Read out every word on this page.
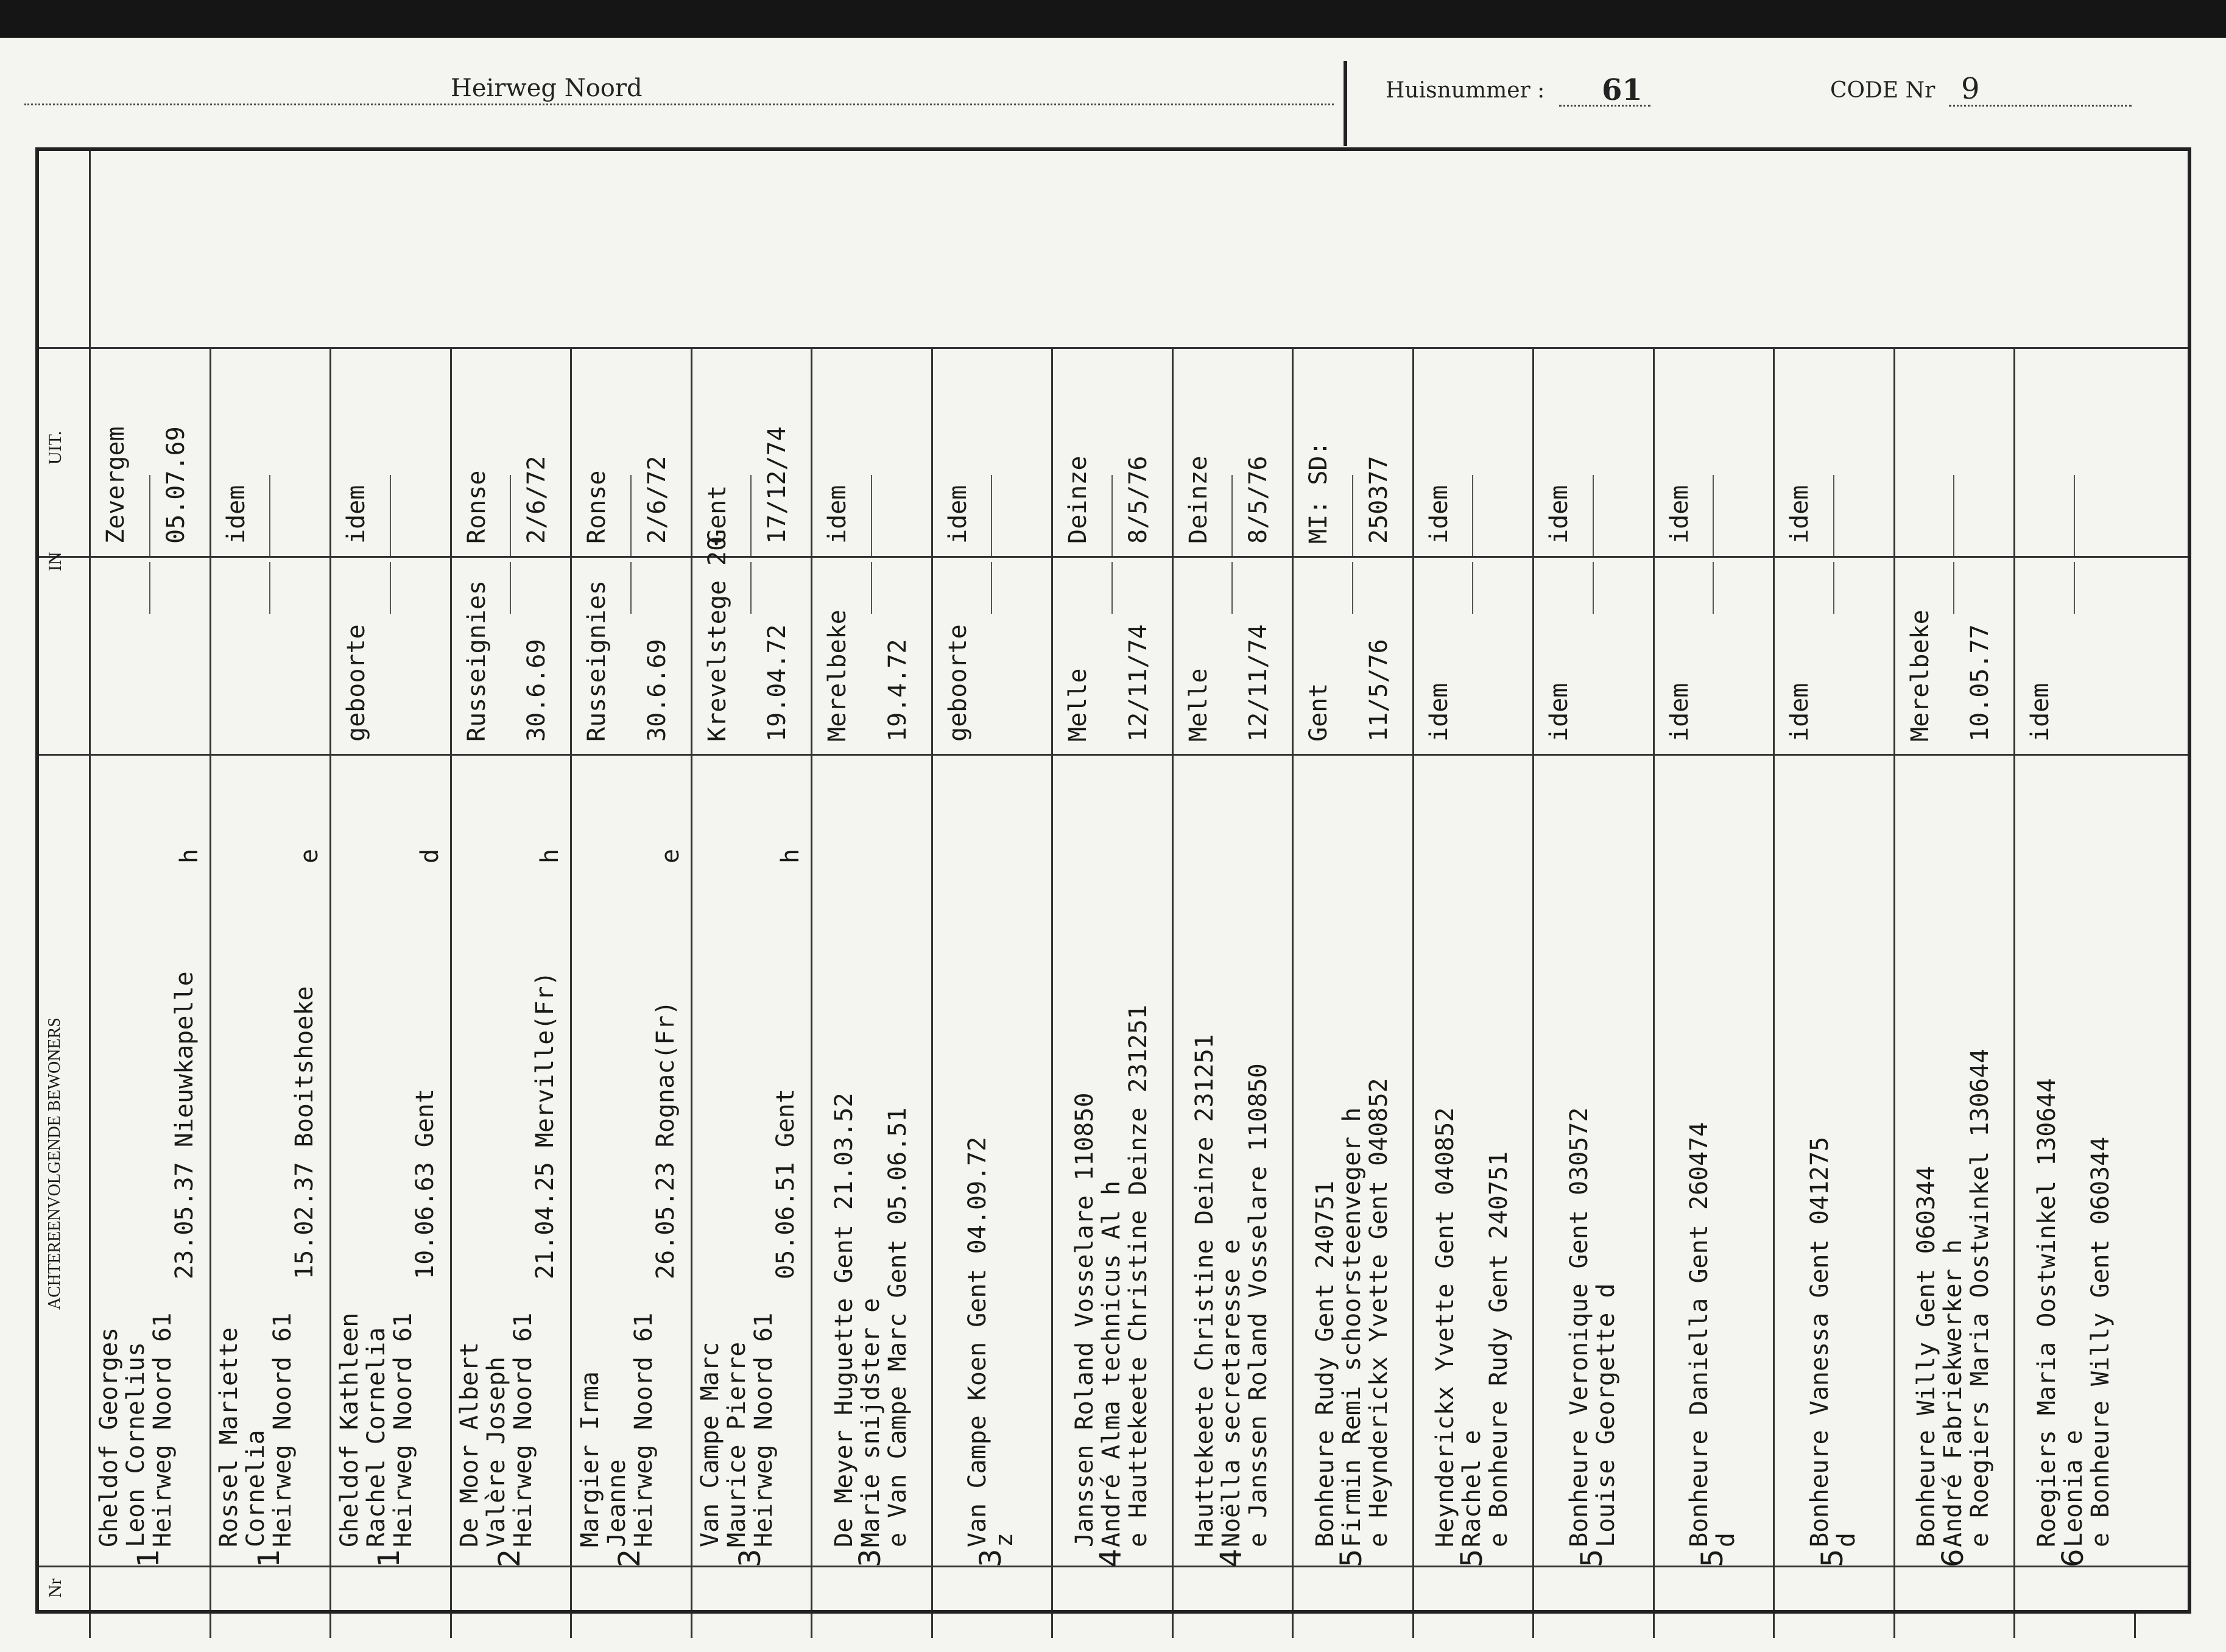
Heirweg Noord	Huisnummer : 61	CODE Nr 9
Nr
ACHTEREENVOLGENDE BEWONERS
IN
UIT.
1
Gheldof Georges
Leon Cornelius
Heirweg Noord 61
23.05.37 Nieuwkapelle
h
Zevergem 05.07.69
1
Rossel Mariette
Cornelia
Heirweg Noord 61
15.02.37 Booitshoeke
e
idem
1
Gheldof Kathleen
Rachel Cornelia
Heirweg Noord 61
10.06.63 Gent
d
geboorte
idem
2
De Moor Albert
Valère Joseph
Heirweg Noord 61
21.04.25 Merville(Fr)
h
Russeignies 30.6.69
Ronse 2/6/72
2
Margier Irma
Jeanne
Heirweg Noord 61
26.05.23 Rognac(Fr)
e
Russeignies 30.6.69
Ronse 2/6/72
3
Van Campe Marc
Maurice Pierre
Heirweg Noord 61
05.06.51 Gent
h
Krevelstege 20 19.04.72
Gent 17/12/74
3
De Meyer Huguette Gent 21.03.52
Marie snijdster e
e Van Campe Marc Gent 05.06.51
Merelbeke 19.4.72
idem
3
Van Campe Koen Gent 04.09.72
z
geboorte
idem
4
Janssen Roland Vosselare 110850
André Alma technicus Al h
e Hauttekeete Christine Deinze 231251
Melle 12/11/74
Deinze 8/5/76
4
Hauttekeete Christine Deinze 231251
Noëlla secretaresse e
e Janssen Roland Vosselare 110850
Melle 12/11/74
Deinze 8/5/76
5
Bonheure Rudy Gent 240751
Firmin Remi schoorsteenveger h
e Heynderickx Yvette Gent 040852
Gent 11/5/76
MI: SD: 250377
5
Heynderickx Yvette Gent 040852
Rachel e
e Bonheure Rudy Gent 240751
idem
idem
5
Bonheure Veronique Gent 030572
Louise Georgette d
idem
idem
5
Bonheure Daniella Gent 260474
d
idem
idem
5
Bonheure Vanessa Gent 041275
d
idem
idem
6
Bonheure Willy Gent 060344
André Fabriekwerker h
e Roegiers Maria Oostwinkel 130644
Merelbeke 10.05.77
6
Roegiers Maria Oostwinkel 130644
Leonia e
e Bonheure Willy Gent 060344
idem
